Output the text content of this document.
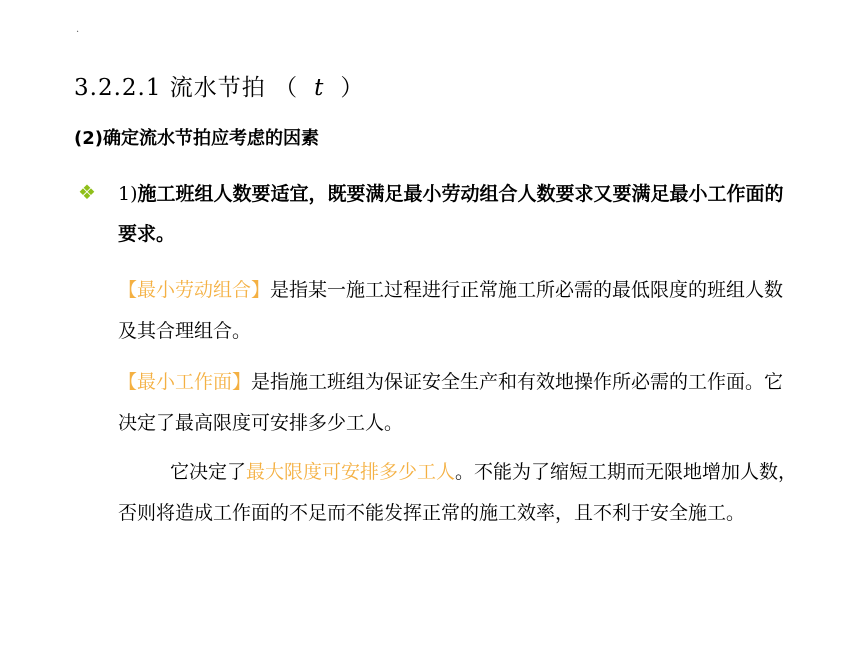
·
3.2.2.1 流水节拍 （ t ）
(2)确定流水节拍应考虑的因素
❖ 1)施工班组人数要适宜，既要满足最小劳动组合人数要求又要满足最小工作面的要求。
【最小劳动组合】是指某一施工过程进行正常施工所必需的最低限度的班组人数及其合理组合。
【最小工作面】是指施工班组为保证安全生产和有效地操作所必需的工作面。它决定了最高限度可安排多少工人。
它决定了最大限度可安排多少工人。不能为了缩短工期而无限地增加人数，否则将造成工作面的不足而不能发挥正常的施工效率，且不利于安全施工。
